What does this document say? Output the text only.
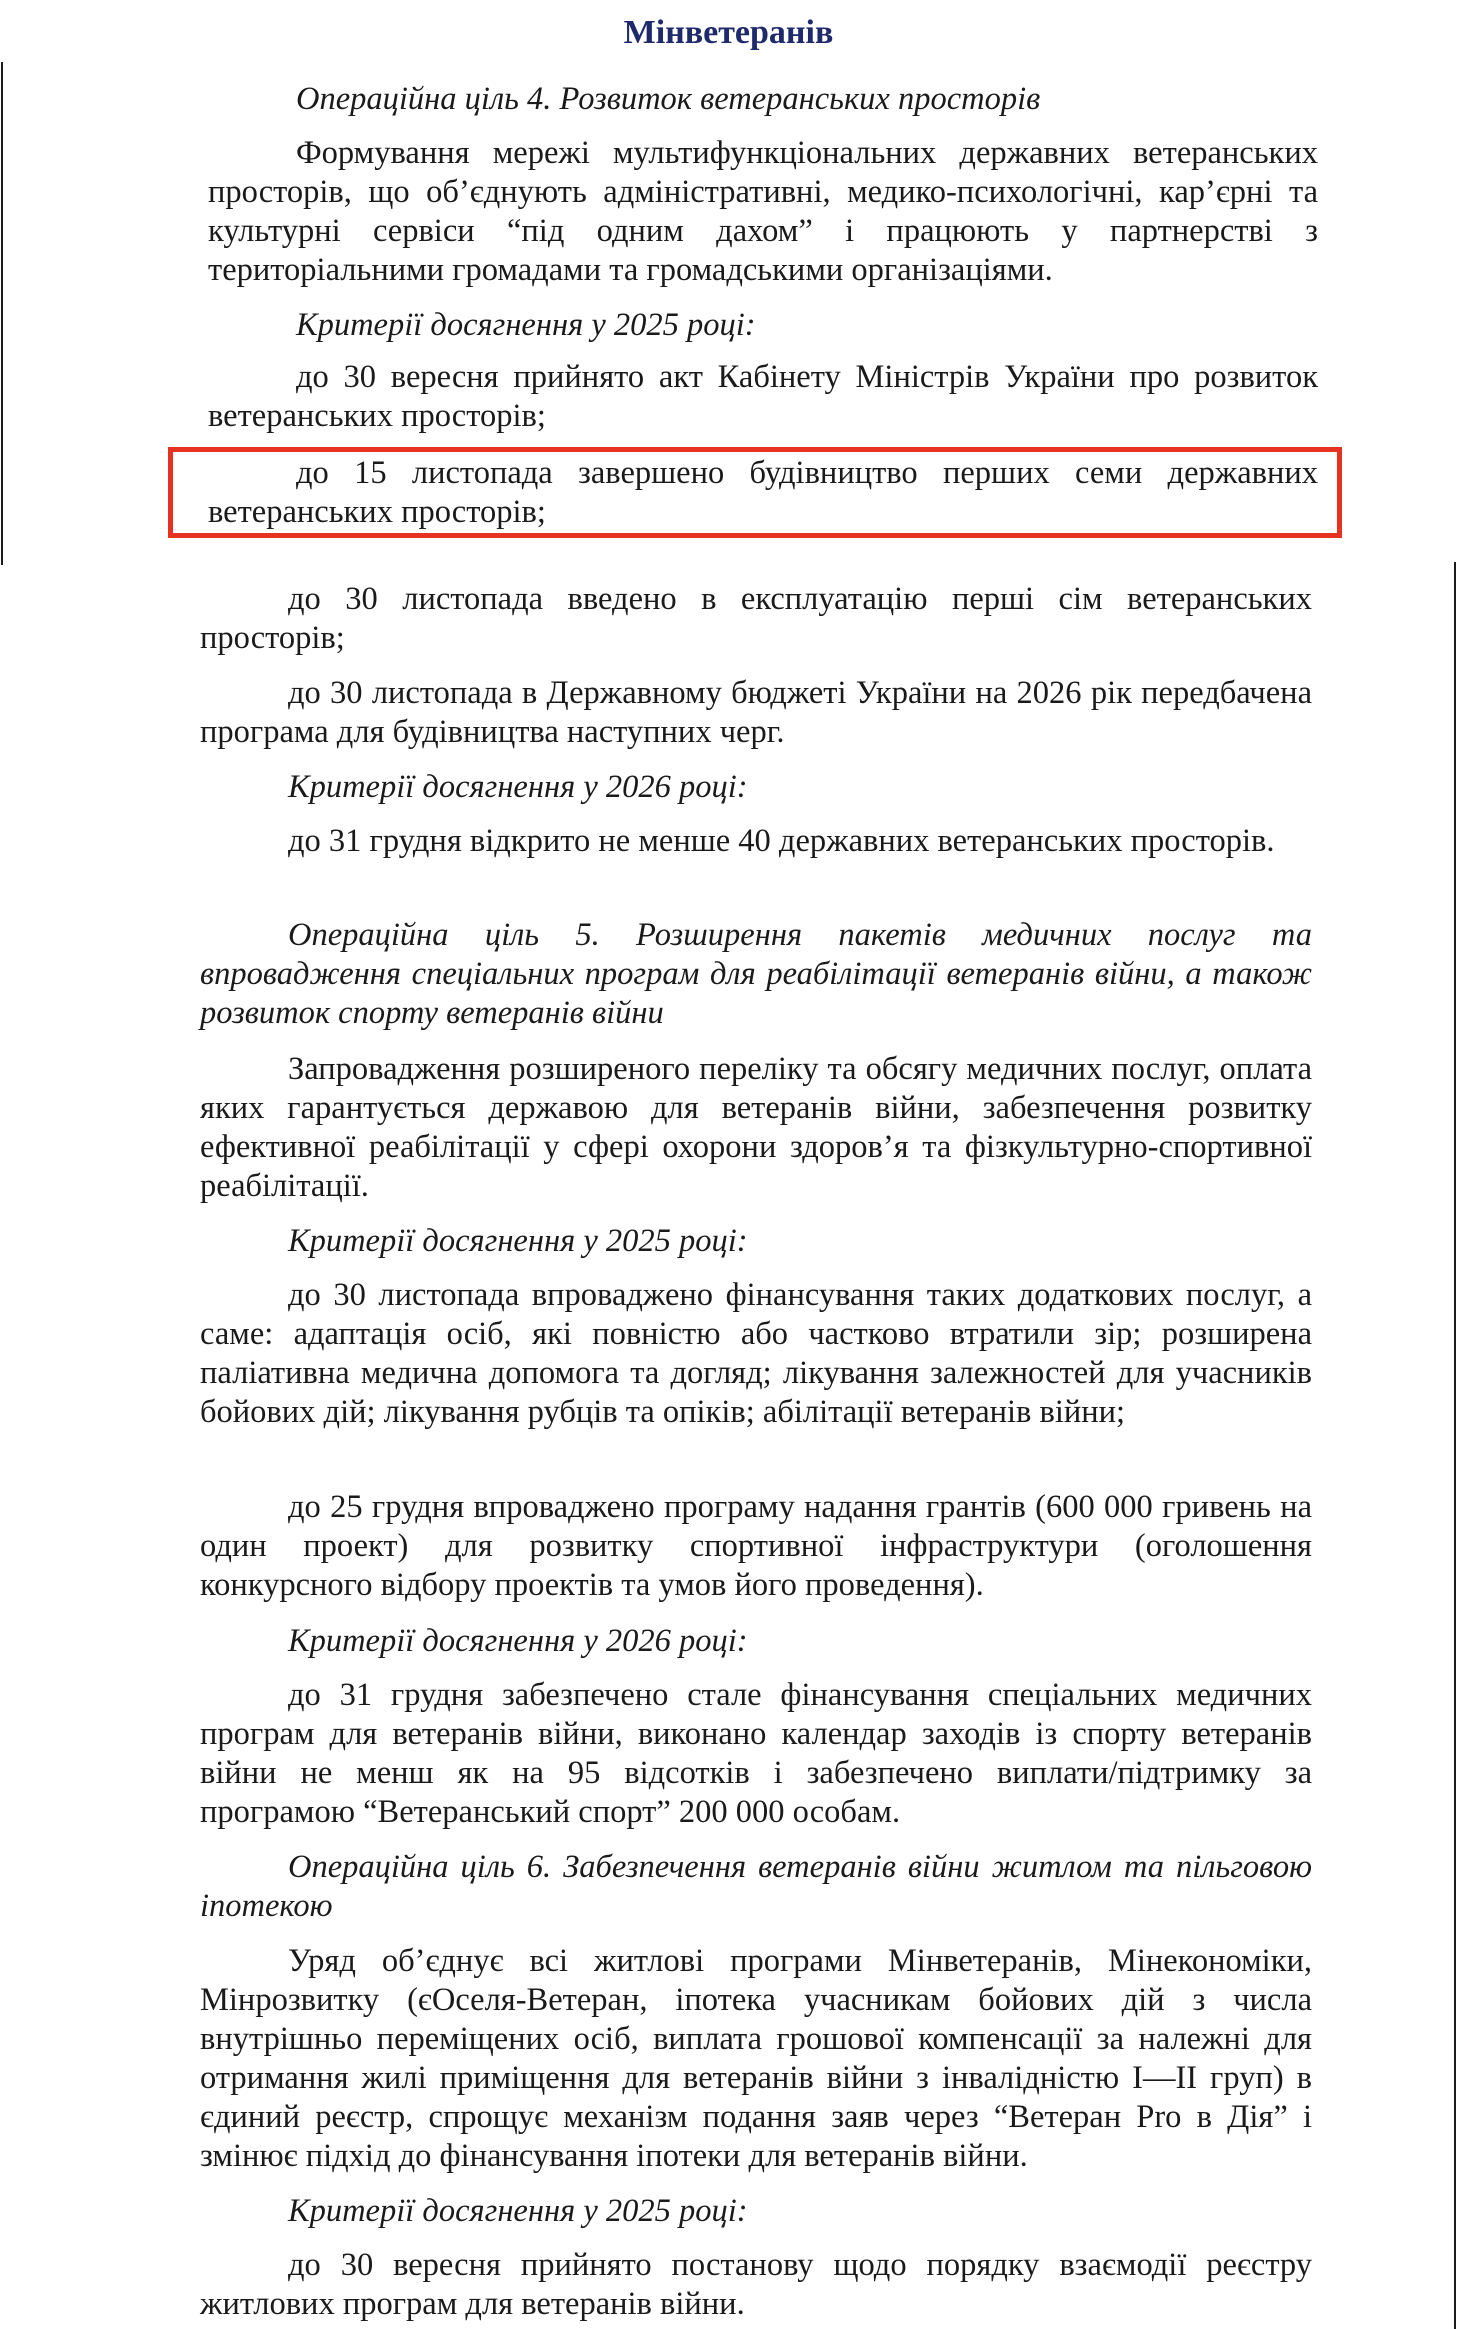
Мінветеранів
Операційна ціль 4. Розвиток ветеранських просторів
Формування мережі мультифункціональних державних ветеранських просторів, що об’єднують адміністративні, медико-психологічні, кар’єрні та культурні сервіси “під одним дахом” і працюють у партнерстві з територіальними громадами та громадськими організаціями.
Критерії досягнення у 2025 році:
до 30 вересня прийнято акт Кабінету Міністрів України про розвиток ветеранських просторів;
до 15 листопада завершено будівництво перших семи державних ветеранських просторів;
до 30 листопада введено в експлуатацію перші сім ветеранських просторів;
до 30 листопада в Державному бюджеті України на 2026 рік передбачена програма для будівництва наступних черг.
Критерії досягнення у 2026 році:
до 31 грудня відкрито не менше 40 державних ветеранських просторів.
Операційна ціль 5. Розширення пакетів медичних послуг та впровадження спеціальних програм для реабілітації ветеранів війни, а також розвиток спорту ветеранів війни
Запровадження розширеного переліку та обсягу медичних послуг, оплата яких гарантується державою для ветеранів війни, забезпечення розвитку ефективної реабілітації у сфері охорони здоров’я та фізкультурно-спортивної реабілітації.
Критерії досягнення у 2025 році:
до 30 листопада впроваджено фінансування таких додаткових послуг, а саме: адаптація осіб, які повністю або частково втратили зір; розширена паліативна медична допомога та догляд; лікування залежностей для учасників бойових дій; лікування рубців та опіків; абілітації ветеранів війни;
до 25 грудня впроваджено програму надання грантів (600 000 гривень на один проект) для розвитку спортивної інфраструктури (оголошення конкурсного відбору проектів та умов його проведення).
Критерії досягнення у 2026 році:
до 31 грудня забезпечено стале фінансування спеціальних медичних програм для ветеранів війни, виконано календар заходів із спорту ветеранів війни не менш як на 95 відсотків і забезпечено виплати/підтримку за програмою “Ветеранський спорт” 200 000 особам.
Операційна ціль 6. Забезпечення ветеранів війни житлом та пільговою іпотекою
Уряд об’єднує всі житлові програми Мінветеранів, Мінекономіки, Мінрозвитку (єОселя-Ветеран, іпотека учасникам бойових дій з числа внутрішньо переміщених осіб, виплата грошової компенсації за належні для отримання жилі приміщення для ветеранів війни з інвалідністю I—II груп) в єдиний реєстр, спрощує механізм подання заяв через “Ветеран Pro в Дія” і змінює підхід до фінансування іпотеки для ветеранів війни.
Критерії досягнення у 2025 році:
до 30 вересня прийнято постанову щодо порядку взаємодії реєстру житлових програм для ветеранів війни.
